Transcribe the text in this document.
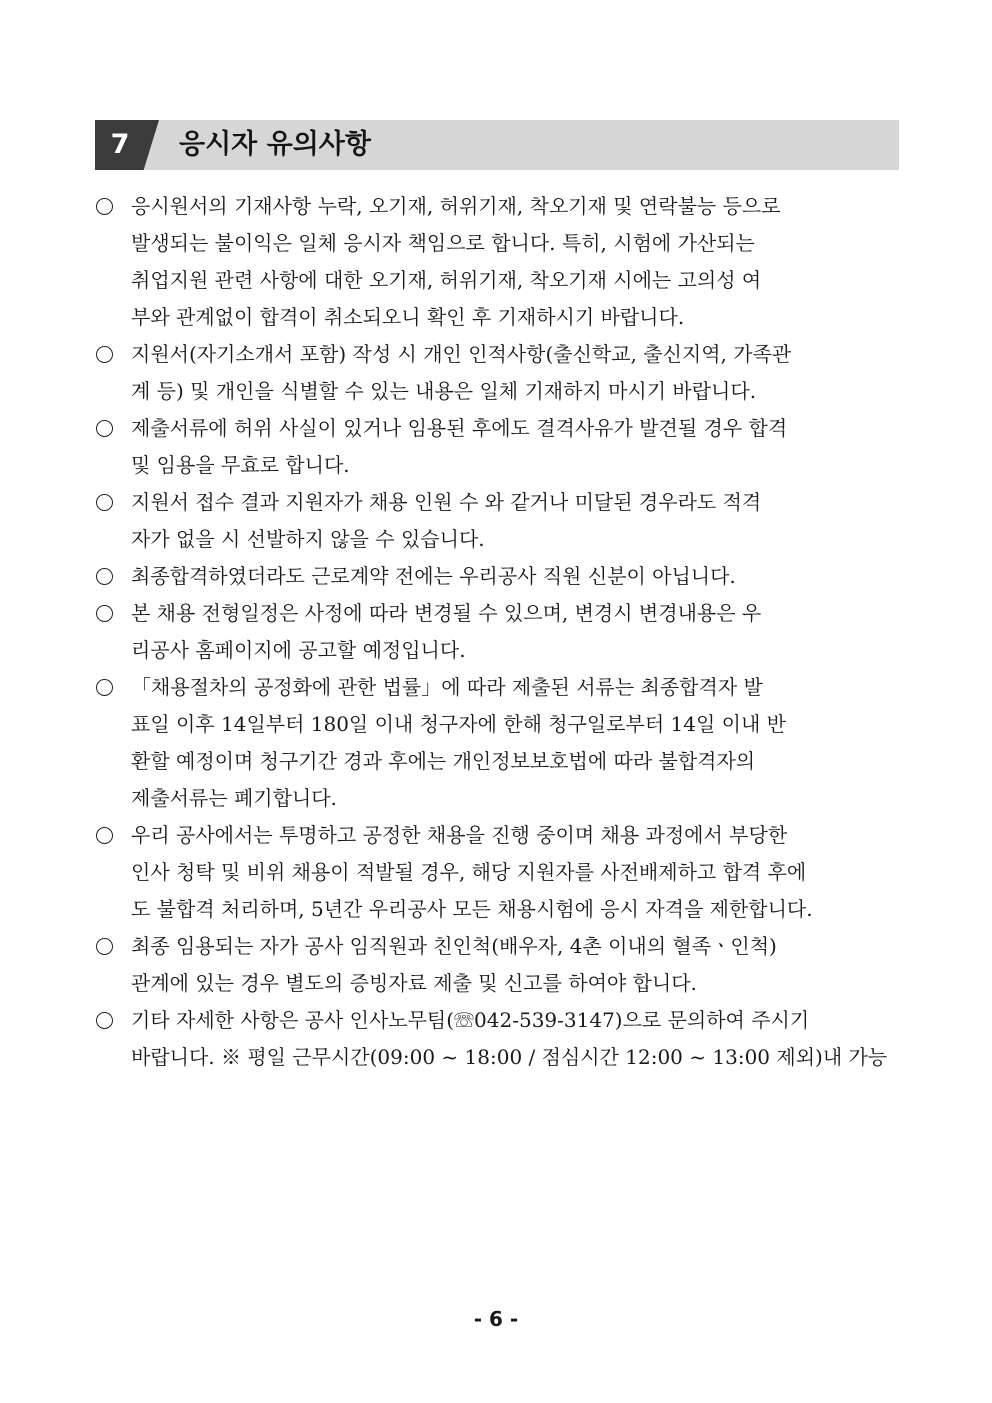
7	응시자 유의사항
응시원서의 기재사항 누락, 오기재, 허위기재, 착오기재 및 연락불능 등으로
발생되는 불이익은 일체 응시자 책임으로 합니다. 특히, 시험에 가산되는
취업지원 관련 사항에 대한 오기재, 허위기재, 착오기재 시에는 고의성 여
부와 관계없이 합격이 취소되오니 확인 후 기재하시기 바랍니다.
지원서(자기소개서 포함) 작성 시 개인 인적사항(출신학교, 출신지역, 가족관
계 등) 및 개인을 식별할 수 있는 내용은 일체 기재하지 마시기 바랍니다.
제출서류에 허위 사실이 있거나 임용된 후에도 결격사유가 발견될 경우 합격
및 임용을 무효로 합니다.
지원서 접수 결과 지원자가 채용 인원 수 와 같거나 미달된 경우라도 적격
자가 없을 시 선발하지 않을 수 있습니다.
최종합격하였더라도 근로계약 전에는 우리공사 직원 신분이 아닙니다.
본 채용 전형일정은 사정에 따라 변경될 수 있으며, 변경시 변경내용은 우
리공사 홈페이지에 공고할 예정입니다.
「채용절차의 공정화에 관한 법률」에 따라 제출된 서류는 최종합격자 발
표일 이후 14일부터 180일 이내 청구자에 한해 청구일로부터 14일 이내 반
환할 예정이며 청구기간 경과 후에는 개인정보보호법에 따라 불합격자의
제출서류는 폐기합니다.
우리 공사에서는 투명하고 공정한 채용을 진행 중이며 채용 과정에서 부당한
인사 청탁 및 비위 채용이 적발될 경우, 해당 지원자를 사전배제하고 합격 후에
도 불합격 처리하며, 5년간 우리공사 모든 채용시험에 응시 자격을 제한합니다.
최종 임용되는 자가 공사 임직원과 친인척(배우자, 4촌 이내의 혈족ㆍ인척)
관계에 있는 경우 별도의 증빙자료 제출 및 신고를 하여야 합니다.
기타 자세한 사항은 공사 인사노무팀(☏042-539-3147)으로 문의하여 주시기
바랍니다. ※ 평일 근무시간(09:00 ~ 18:00 / 점심시간 12:00 ~ 13:00 제외)내 가능
- 6 -
